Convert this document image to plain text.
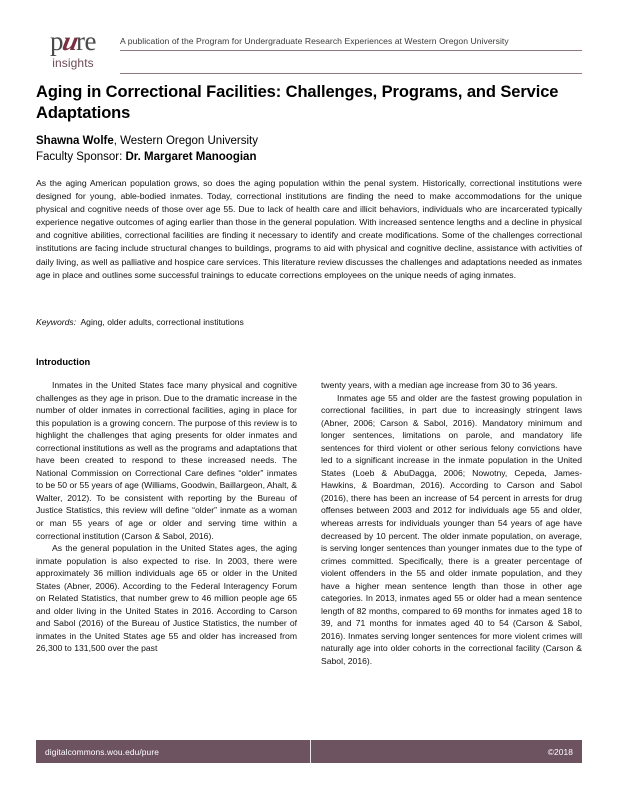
pure
insights
A publication of the Program for Undergraduate Research Experiences at Western Oregon University
Aging in Correctional Facilities: Challenges, Programs, and Service Adaptations
Shawna Wolfe, Western Oregon University
Faculty Sponsor: Dr. Margaret Manoogian
As the aging American population grows, so does the aging population within the penal system. Historically, correctional institutions were designed for young, able-bodied inmates. Today, correctional institutions are finding the need to make accommodations for the unique physical and cognitive needs of those over age 55. Due to lack of health care and illicit behaviors, individuals who are incarcerated typically experience negative outcomes of aging earlier than those in the general population. With increased sentence lengths and a decline in physical and cognitive abilities, correctional facilities are finding it necessary to identify and create modifications. Some of the challenges correctional institutions are facing include structural changes to buildings, programs to aid with physical and cognitive decline, assistance with activities of daily living, as well as palliative and hospice care services. This literature review discusses the challenges and adaptations needed as inmates age in place and outlines some successful trainings to educate corrections employees on the unique needs of aging inmates.
Keywords: Aging, older adults, correctional institutions
Introduction

Inmates in the United States face many physical and cognitive challenges as they age in prison. Due to the dramatic increase in the number of older inmates in correctional facilities, aging in place for this population is a growing concern. The purpose of this review is to highlight the challenges that aging presents for older inmates and correctional institutions as well as the programs and adaptations that have been created to respond to these increased needs. The National Commission on Correctional Care defines “older” inmates to be 50 or 55 years of age (Williams, Goodwin, Baillargeon, Ahalt, & Walter, 2012). To be consistent with reporting by the Bureau of Justice Statistics, this review will define “older” inmate as a woman or man 55 years of age or older and serving time within a correctional institution (Carson & Sabol, 2016).

As the general population in the United States ages, the aging inmate population is also expected to rise. In 2003, there were approximately 36 million individuals age 65 or older in the United States (Abner, 2006). According to the Federal Interagency Forum on Related Statistics, that number grew to 46 million people age 65 and older living in the United States in 2016. According to Carson and Sabol (2016) of the Bureau of Justice Statistics, the number of inmates in the United States age 55 and older has increased from 26,300 to 131,500 over the past

twenty years, with a median age increase from 30 to 36 years.

Inmates age 55 and older are the fastest growing population in correctional facilities, in part due to increasingly stringent laws (Abner, 2006; Carson & Sabol, 2016). Mandatory minimum and longer sentences, limitations on parole, and mandatory life sentences for third violent or other serious felony convictions have led to a significant increase in the inmate population in the United States (Loeb & AbuDagga, 2006; Nowotny, Cepeda, James-Hawkins, & Boardman, 2016). According to Carson and Sabol (2016), there has been an increase of 54 percent in arrests for drug offenses between 2003 and 2012 for individuals age 55 and older, whereas arrests for individuals younger than 54 years of age have decreased by 10 percent. The older inmate population, on average, is serving longer sentences than younger inmates due to the type of crimes committed. Specifically, there is a greater percentage of violent offenders in the 55 and older inmate population, and they have a higher mean sentence length than those in other age categories. In 2013, inmates aged 55 or older had a mean sentence length of 82 months, compared to 69 months for inmates aged 18 to 39, and 71 months for inmates aged 40 to 54 (Carson & Sabol, 2016). Inmates serving longer sentences for more violent crimes will naturally age into older cohorts in the correctional facility (Carson & Sabol, 2016).

digitalcommons.wou.edu/pure	©2018
